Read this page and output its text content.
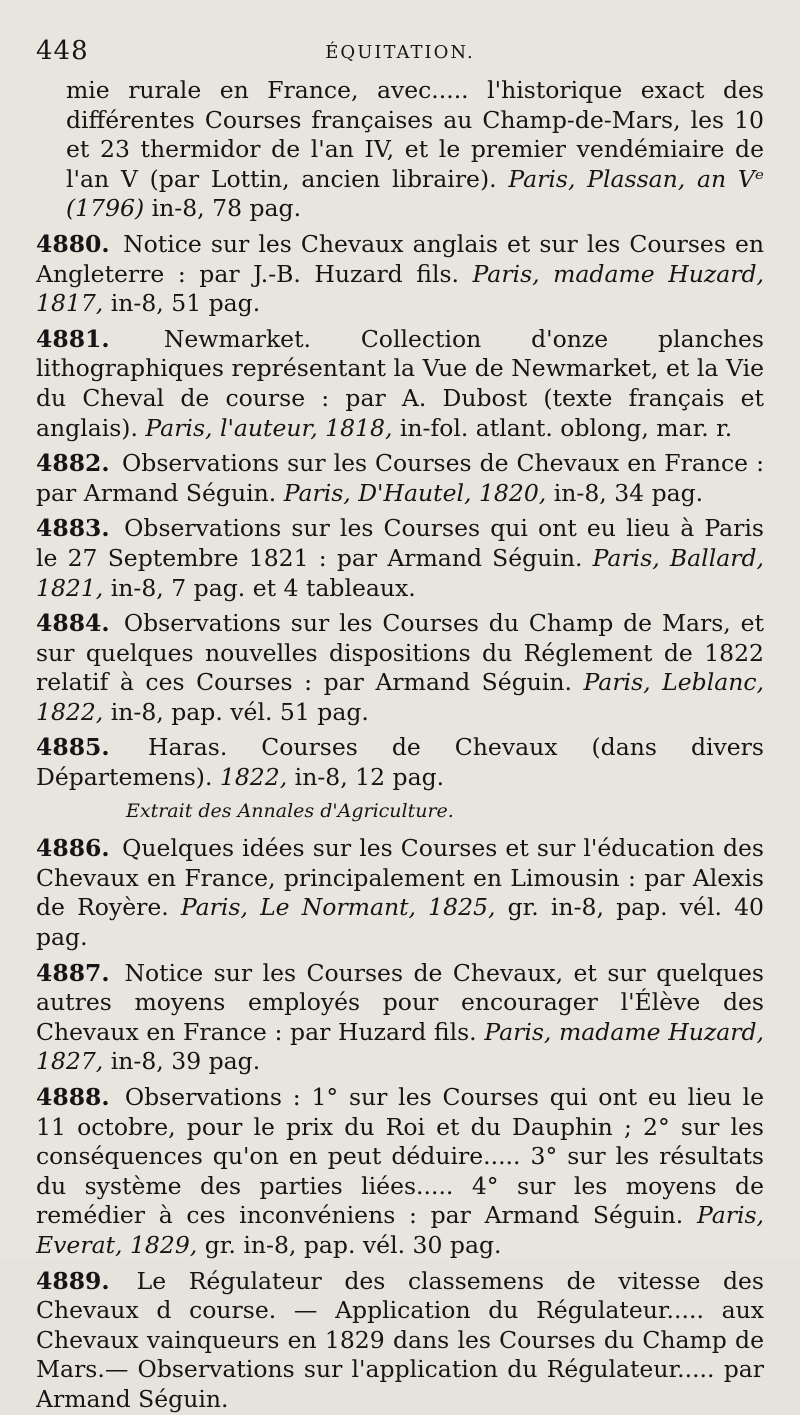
448	ÉQUITATION.

mie rurale en France, avec..... l'historique exact des différentes Courses françaises au Champ-de-Mars, les 10 et 23 thermidor de l'an IV, et le premier vendémiaire de l'an V (par Lottin, ancien libraire). Paris, Plassan, an Vᵉ (1796) in-8, 78 pag.

4880. Notice sur les Chevaux anglais et sur les Courses en Angleterre : par J.-B. Huzard fils. Paris, madame Huzard, 1817, in-8, 51 pag.

4881. Newmarket. Collection d'onze planches lithographiques représentant la Vue de Newmarket, et la Vie du Cheval de course : par A. Dubost (texte français et anglais). Paris, l'auteur, 1818, in-fol. atlant. oblong, mar. r.

4882. Observations sur les Courses de Chevaux en France : par Armand Séguin. Paris, D'Hautel, 1820, in-8, 34 pag.

4883. Observations sur les Courses qui ont eu lieu à Paris le 27 Septembre 1821 : par Armand Séguin. Paris, Ballard, 1821, in-8, 7 pag. et 4 tableaux.

4884. Observations sur les Courses du Champ de Mars, et sur quelques nouvelles dispositions du Réglement de 1822 relatif à ces Courses : par Armand Séguin. Paris, Leblanc, 1822, in-8, pap. vél. 51 pag.

4885. Haras. Courses de Chevaux (dans divers Départemens). 1822, in-8, 12 pag.

Extrait des Annales d'Agriculture.

4886. Quelques idées sur les Courses et sur l'éducation des Chevaux en France, principalement en Limousin : par Alexis de Royère. Paris, Le Normant, 1825, gr. in-8, pap. vél. 40 pag.

4887. Notice sur les Courses de Chevaux, et sur quelques autres moyens employés pour encourager l'Élève des Chevaux en France : par Huzard fils. Paris, madame Huzard, 1827, in-8, 39 pag.

4888. Observations : 1° sur les Courses qui ont eu lieu le 11 octobre, pour le prix du Roi et du Dauphin ; 2° sur les conséquences qu'on en peut déduire..... 3° sur les résultats du système des parties liées..... 4° sur les moyens de remédier à ces inconvéniens : par Armand Séguin. Paris, Everat, 1829, gr. in-8, pap. vél. 30 pag.

4889. Le Régulateur des classemens de vitesse des Chevaux d course. — Application du Régulateur..... aux Chevaux vainqueurs en 1829 dans les Courses du Champ de Mars.— Observations sur l'application du Régulateur..... par Armand Séguin.
